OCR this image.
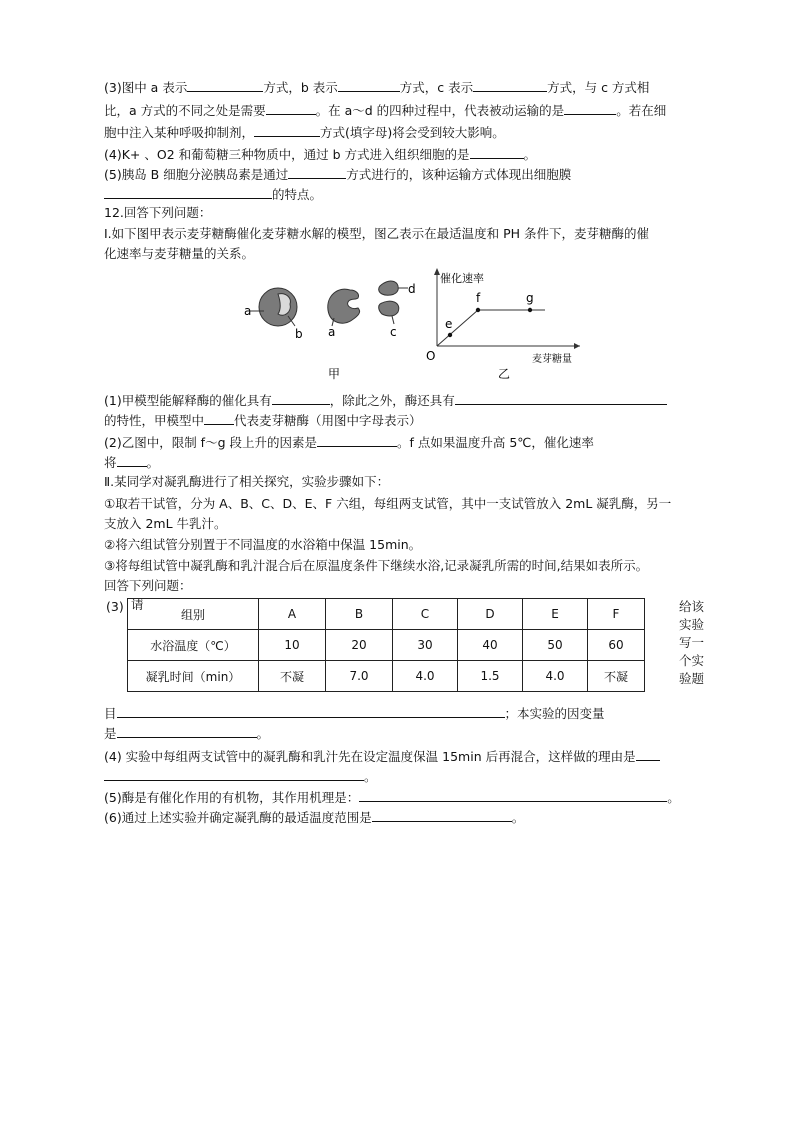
(3)图中 a 表示	方式，b 表示	方式，c 表示	方式，与 c 方式相
比，a 方式的不同之处是需要	。在 a～d 的四种过程中，代表被动运输的是	。若在细
胞中注入某种呼吸抑制剂，	方式(填字母)将会受到较大影响。
(4)K+ 、O2 和葡萄糖三种物质中，通过 b 方式进入组织细胞的是	。
(5)胰岛 B 细胞分泌胰岛素是通过	方式进行的，该种运输方式体现出细胞膜
的特点。
12.回答下列问题：
Ⅰ.如下图甲表示麦芽糖酶催化麦芽糖水解的模型，图乙表示在最适温度和 PH 条件下，麦芽糖酶的催
化速率与麦芽糖量的关系。
a
b a
d
c
甲
催化速率
麦芽糖量
O
e
f	g
乙
(1)甲模型能解释酶的催化具有	，除此之外，酶还具有
的特性，甲模型中 代表麦芽糖酶（用图中字母表示）
(2)乙图中，限制 f～g 段上升的因素是	。f 点如果温度升高 5℃，催化速率
将 。
Ⅱ.某同学对凝乳酶进行了相关探究，实验步骤如下：
①取若干试管，分为 A、B、C、D、E、F 六组，每组两支试管，其中一支试管放入 2mL 凝乳酶，另一
支放入 2mL 牛乳汁。
②将六组试管分别置于不同温度的水浴箱中保温 15min。
③将每组试管中凝乳酶和乳汁混合后在原温度条件下继续水浴,记录凝乳所需的时间,结果如表所示。
回答下列问题：
(3) 请
组别	A	B	C	D	E	F
水浴温度（℃）	10	20	30	40	50	60
凝乳时间（min）	不凝	7.0	4.0	1.5	4.0	不凝
给该
实验
写一
个实
验题
目	；本实验的因变量
是	。
(4) 实验中每组两支试管中的凝乳酶和乳汁先在设定温度保温 15min 后再混合，这样做的理由是
。
(5)酶是有催化作用的有机物，其作用机理是：	。
(6)通过上述实验并确定凝乳酶的最适温度范围是	。
